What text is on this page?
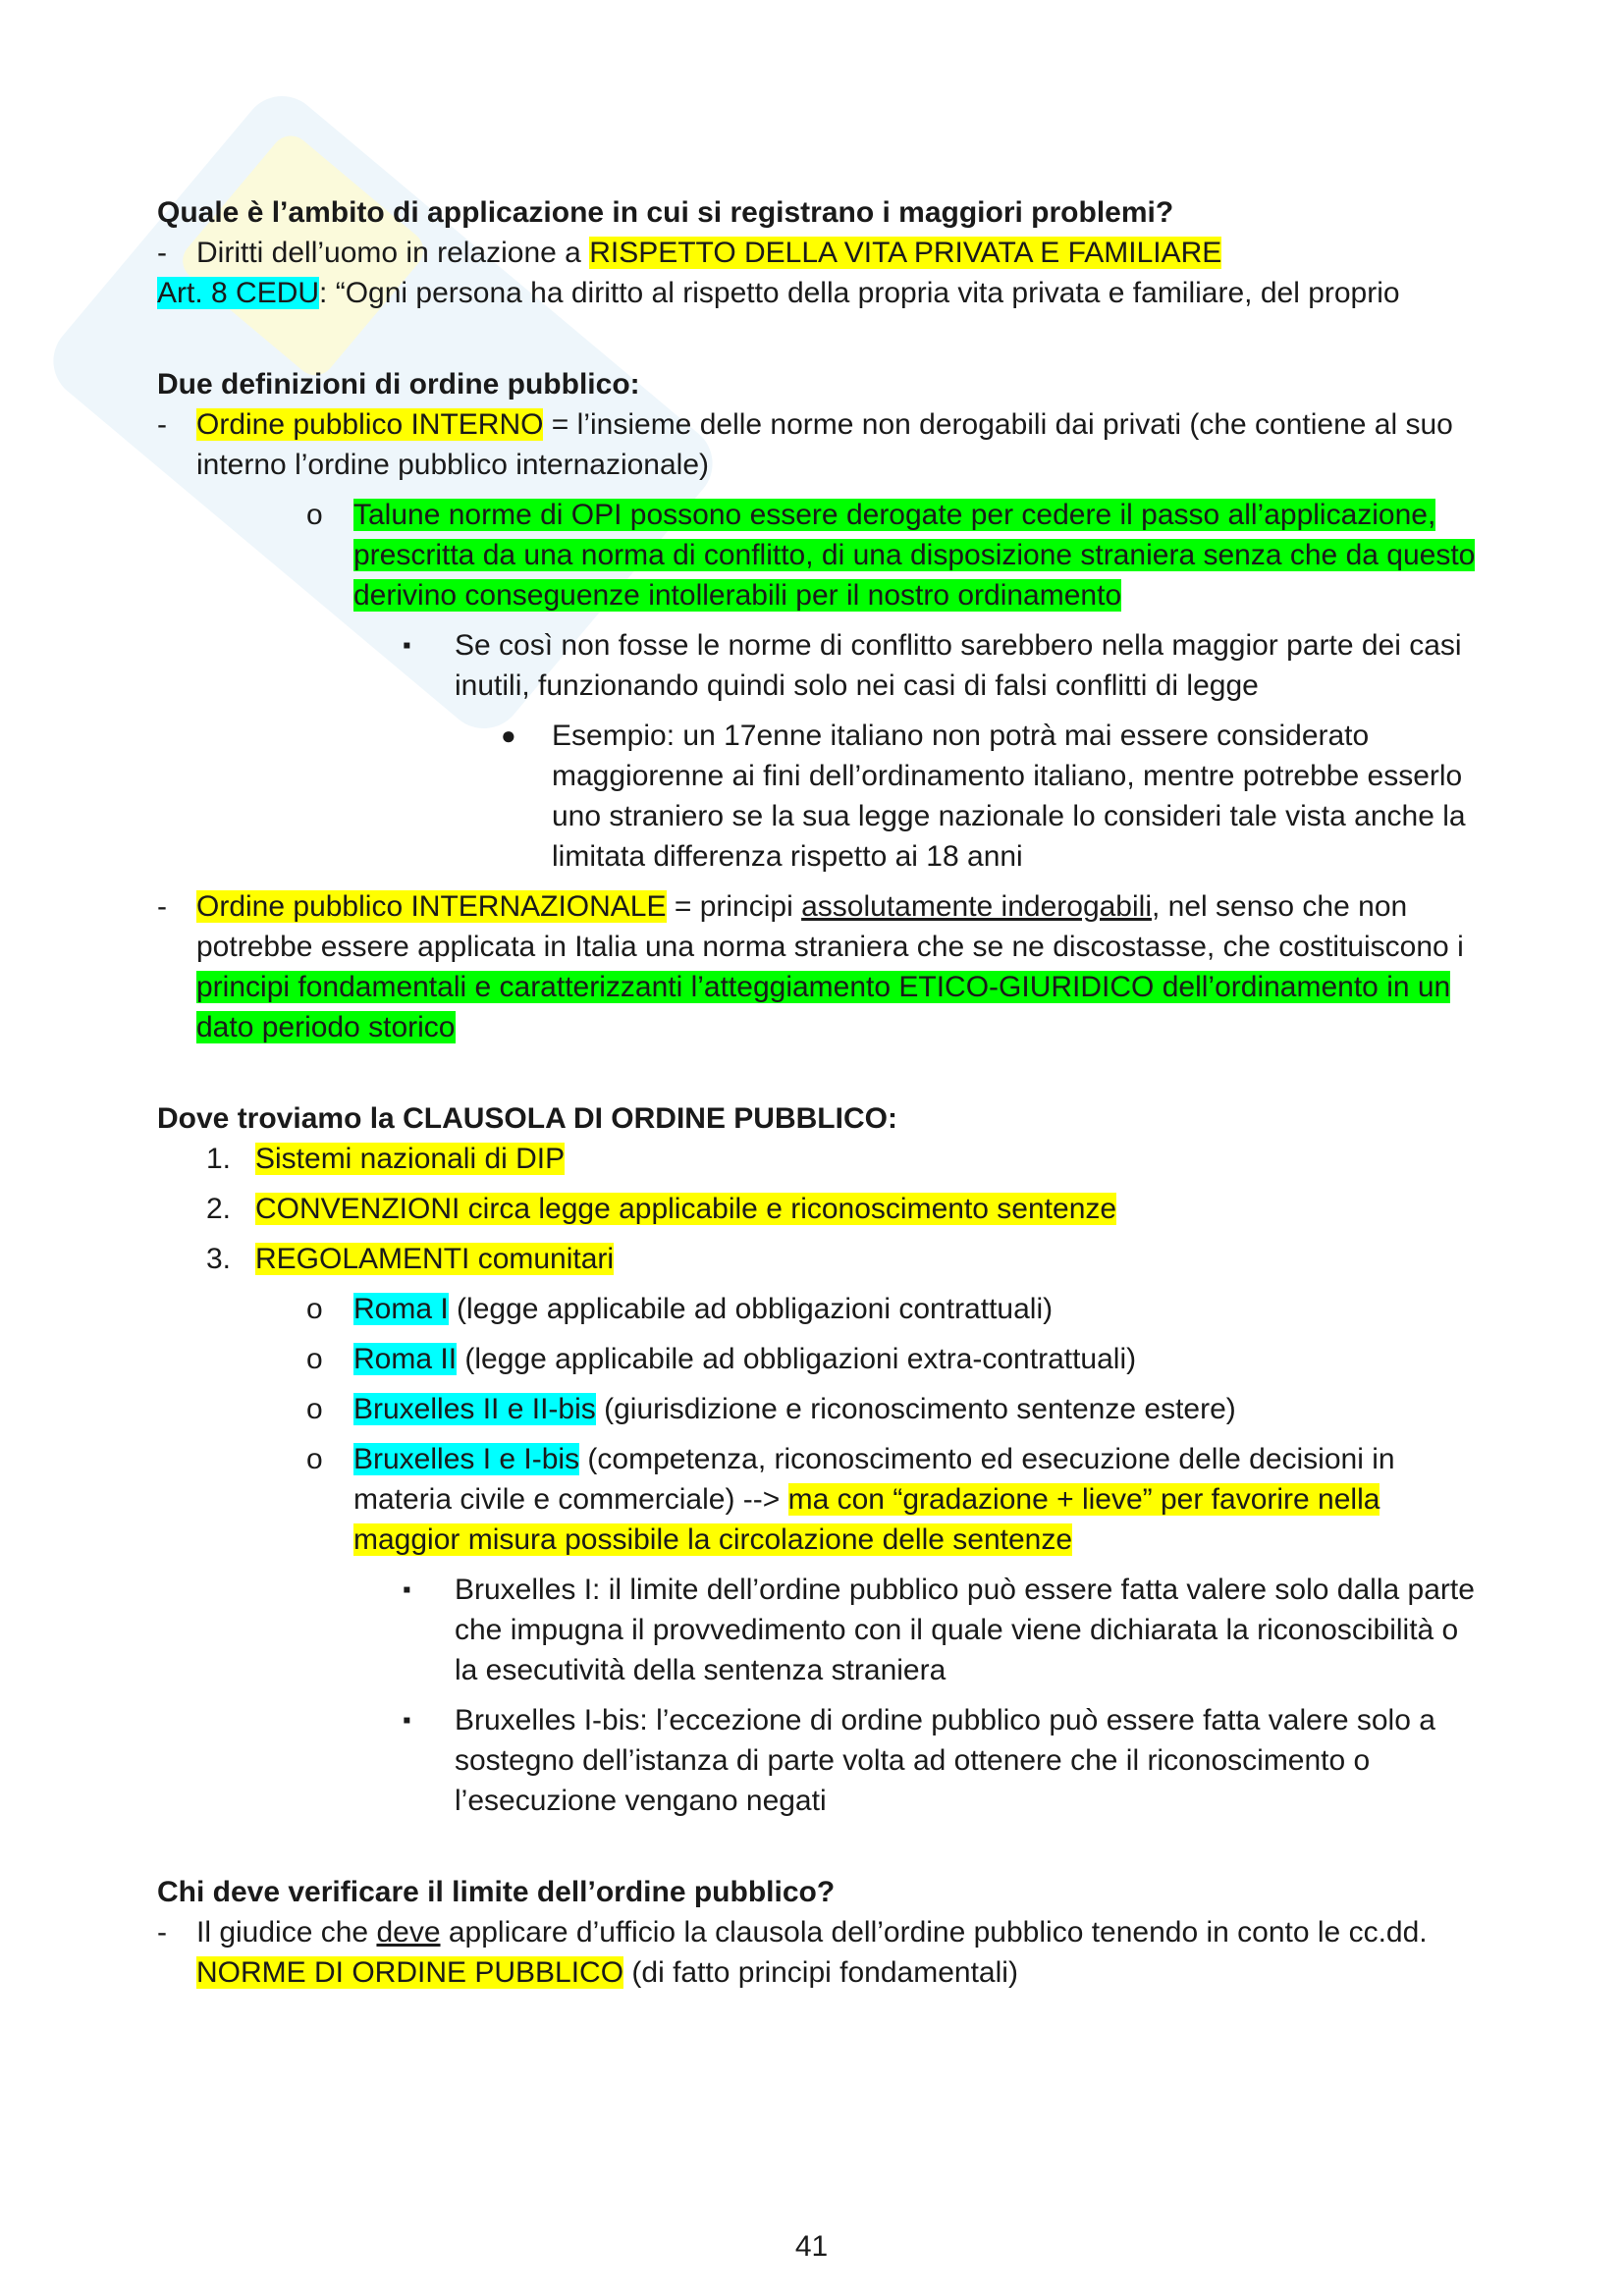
Quale è l’ambito di applicazione in cui si registrano i maggiori problemi?

-	Diritti dell’uomo in relazione a RISPETTO DELLA VITA PRIVATA E FAMILIARE
Art. 8 CEDU: “Ogni persona ha diritto al rispetto della propria vita privata e familiare, del proprio

Due definizioni di ordine pubblico:

-	Ordine pubblico INTERNO = l’insieme delle norme non derogabili dai privati (che contiene al suo interno l’ordine pubblico internazionale)
o	Talune norme di OPI possono essere derogate per cedere il passo all’applicazione, prescritta da una norma di conflitto, di una disposizione straniera senza che da questo derivino conseguenze intollerabili per il nostro ordinamento
▪	Se così non fosse le norme di conflitto sarebbero nella maggior parte dei casi inutili, funzionando quindi solo nei casi di falsi conflitti di legge
●	Esempio: un 17enne italiano non potrà mai essere considerato maggiorenne ai fini dell’ordinamento italiano, mentre potrebbe esserlo uno straniero se la sua legge nazionale lo consideri tale vista anche la limitata differenza rispetto ai 18 anni
-	Ordine pubblico INTERNAZIONALE = principi assolutamente inderogabili, nel senso che non potrebbe essere applicata in Italia una norma straniera che se ne discostasse, che costituiscono i principi fondamentali e caratterizzanti l’atteggiamento ETICO-GIURIDICO dell’ordinamento in un dato periodo storico

Dove troviamo la CLAUSOLA DI ORDINE PUBBLICO:

1. Sistemi nazionali di DIP
2. CONVENZIONI circa legge applicabile e riconoscimento sentenze
3. REGOLAMENTI comunitari
o	Roma I (legge applicabile ad obbligazioni contrattuali)
o	Roma II (legge applicabile ad obbligazioni extra-contrattuali)
o	Bruxelles II e II-bis (giurisdizione e riconoscimento sentenze estere)
o	Bruxelles I e I-bis (competenza, riconoscimento ed esecuzione delle decisioni in materia civile e commerciale) --> ma con “gradazione + lieve” per favorire nella maggior misura possibile la circolazione delle sentenze
▪	Bruxelles I: il limite dell’ordine pubblico può essere fatta valere solo dalla parte che impugna il provvedimento con il quale viene dichiarata la riconoscibilità o la esecutività della sentenza straniera
▪	Bruxelles I-bis: l’eccezione di ordine pubblico può essere fatta valere solo a sostegno dell’istanza di parte volta ad ottenere che il riconoscimento o l’esecuzione vengano negati

Chi deve verificare il limite dell’ordine pubblico?

-	Il giudice che deve applicare d’ufficio la clausola dell’ordine pubblico tenendo in conto le cc.dd. NORME DI ORDINE PUBBLICO (di fatto principi fondamentali)
41
